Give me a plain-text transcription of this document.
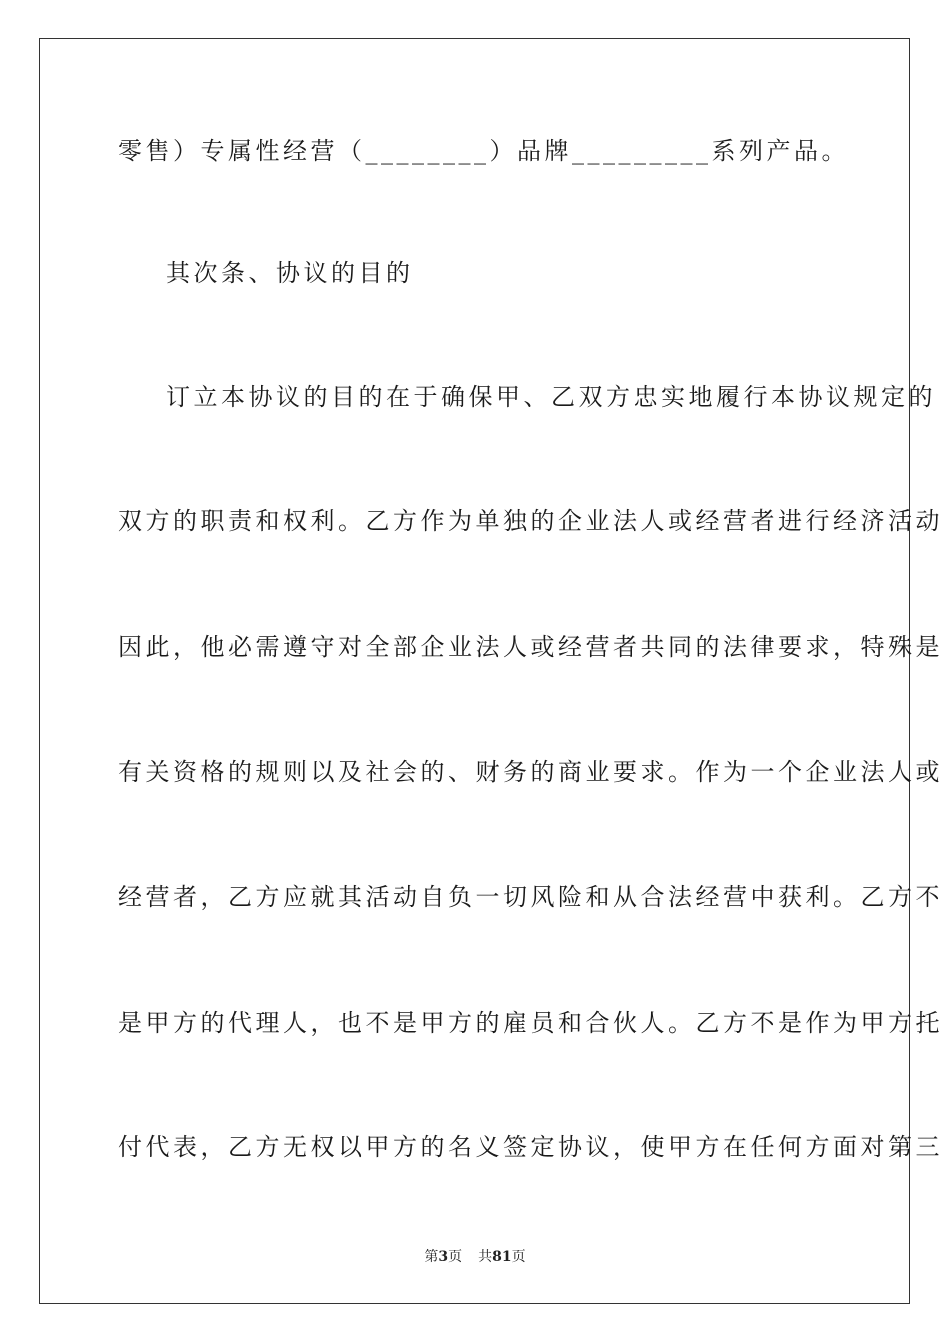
零售）专属性经营（________）品牌_________系列产品。
其次条、协议的目的
订立本协议的目的在于确保甲、乙双方忠实地履行本协议规定的
双方的职责和权利。乙方作为单独的企业法人或经营者进行经济活动
因此，他必需遵守对全部企业法人或经营者共同的法律要求，特殊是
有关资格的规则以及社会的、财务的商业要求。作为一个企业法人或
经营者，乙方应就其活动自负一切风险和从合法经营中获利。乙方不
是甲方的代理人，也不是甲方的雇员和合伙人。乙方不是作为甲方托
付代表，乙方无权以甲方的名义签定协议，使甲方在任何方面对第三
第3页 共81页
